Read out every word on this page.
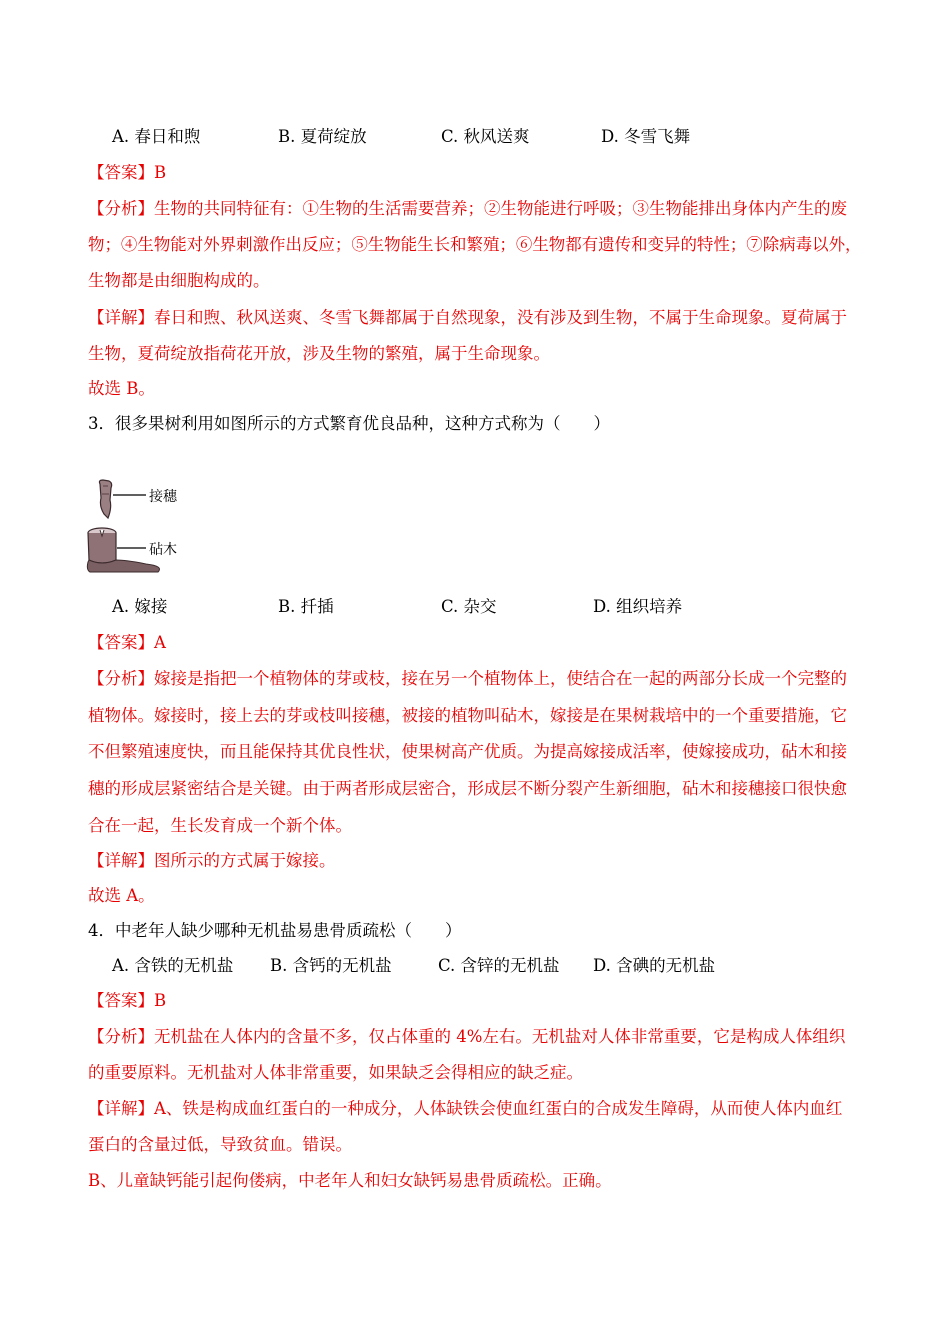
A. 春日和煦	B. 夏荷绽放	C. 秋风送爽	D. 冬雪飞舞
【答案】B
【分析】生物的共同特征有：①生物的生活需要营养；②生物能进行呼吸；③生物能排出身体内产生的废
物；④生物能对外界刺激作出反应；⑤生物能生长和繁殖；⑥生物都有遗传和变异的特性；⑦除病毒以外，
生物都是由细胞构成的。
【详解】春日和煦、秋风送爽、冬雪飞舞都属于自然现象，没有涉及到生物，不属于生命现象。夏荷属于
生物，夏荷绽放指荷花开放，涉及生物的繁殖，属于生命现象。
故选 B。
3．很多果树利用如图所示的方式繁育优良品种，这种方式称为（　　）
接穗
砧木
A. 嫁接	B. 扦插	C. 杂交	D. 组织培养
【答案】A
【分析】嫁接是指把一个植物体的芽或枝，接在另一个植物体上，使结合在一起的两部分长成一个完整的
植物体。嫁接时，接上去的芽或枝叫接穗，被接的植物叫砧木，嫁接是在果树栽培中的一个重要措施，它
不但繁殖速度快，而且能保持其优良性状，使果树高产优质。为提高嫁接成活率，使嫁接成功，砧木和接
穗的形成层紧密结合是关键。由于两者形成层密合，形成层不断分裂产生新细胞，砧木和接穗接口很快愈
合在一起，生长发育成一个新个体。
【详解】图所示的方式属于嫁接。
故选 A。
4．中老年人缺少哪种无机盐易患骨质疏松（　　）
A. 含铁的无机盐 B. 含钙的无机盐	C. 含锌的无机盐 D. 含碘的无机盐
【答案】B
【分析】无机盐在人体内的含量不多，仅占体重的 4%左右。无机盐对人体非常重要，它是构成人体组织
的重要原料。无机盐对人体非常重要，如果缺乏会得相应的缺乏症。
【详解】A、铁是构成血红蛋白的一种成分，人体缺铁会使血红蛋白的合成发生障碍，从而使人体内血红
蛋白的含量过低，导致贫血。错误。
B、儿童缺钙能引起佝偻病，中老年人和妇女缺钙易患骨质疏松。正确。
